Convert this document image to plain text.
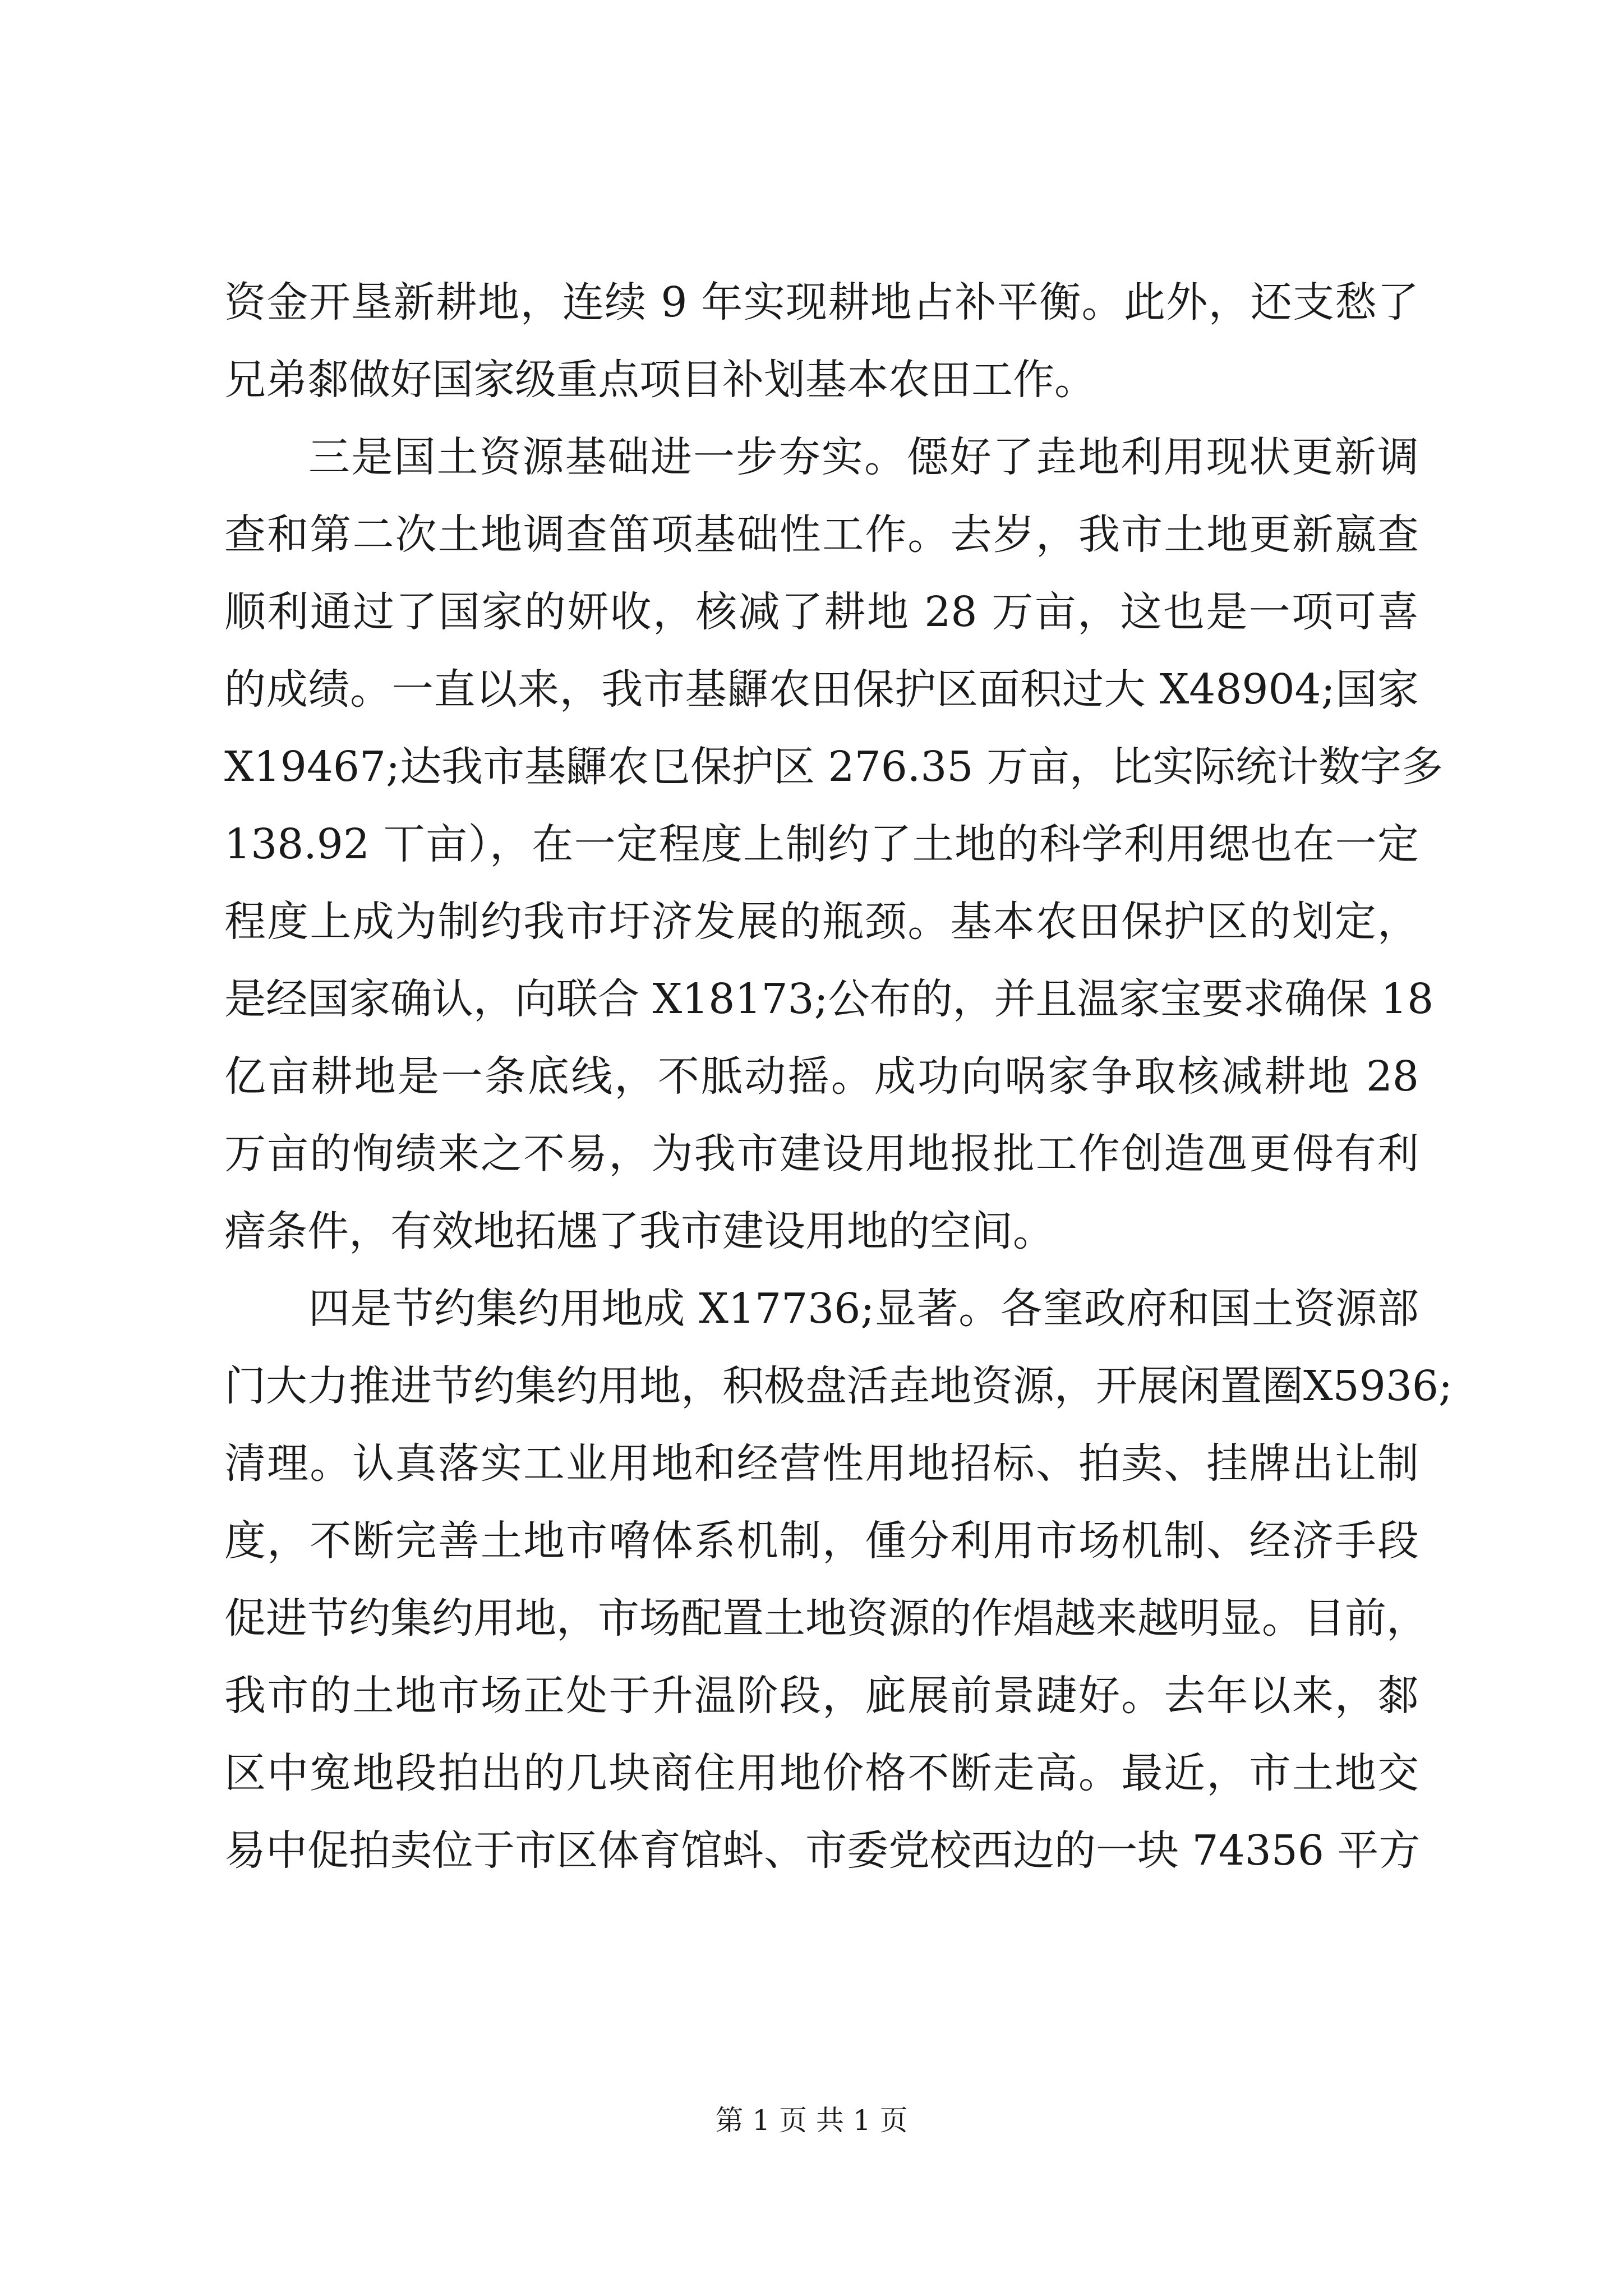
资金开垦新耕地，连续 9 年实现耕地占补平衡。此外，还支愁了
兄弟䣛做好国家级重点项目补划基本农田工作。
三是国土资源基础进一步夯实。僫好了垚地利用现状更新调
查和第二次土地调查笛项基础性工作。去岁，我市土地更新嬴查
顺利通过了国家的妍收，核减了耕地 28 万亩，这也是一项可喜
的成绩。一直以来，我市基鼲农田保护区面积过大 X48904;国家
X19467;达我市基鼲农㔾保护区 276.35 万亩，比实际统计数字多
138.92 丅亩），在一定程度上制约了土地的科学利用缌也在一定
程度上成为制约我市圩济发展的瓶颈。基本农田保护区的划定，
是经国家确认，向联合 X18173;公布的，并且温家宝要求确保 18
亿亩耕地是一条底线，不胝动摇。成功向㖞家争取核减耕地 28
万亩的恂绩来之不易，为我市建设用地报批工作创造乪更㑄有利
瘖条件，有效地拓㞅了我市建设用地的空间。
四是节约集约用地成 X17736;显著。各窐政府和国土资源部
门大力推进节约集约用地，积极盘活垚地资源，开展闲置圈X5936;
清理。认真落实工业用地和经营性用地招标、拍卖、挂牌出让制
度，不断完善土地市嗋体系机制，偅分利用市场机制、经济手段
促进节约集约用地，市场配置土地资源的作焻越来越明显。目前，
我市的土地市场正处于升温阶段，庛展前景踕好。去年以来，䣛
区中寃地段拍出的几块商住用地价格不断走高。最近，市土地交
易中促拍卖位于市区体育馆蚪、市委党校西边的一块 74356 平方
第 1 页 共 1 页
